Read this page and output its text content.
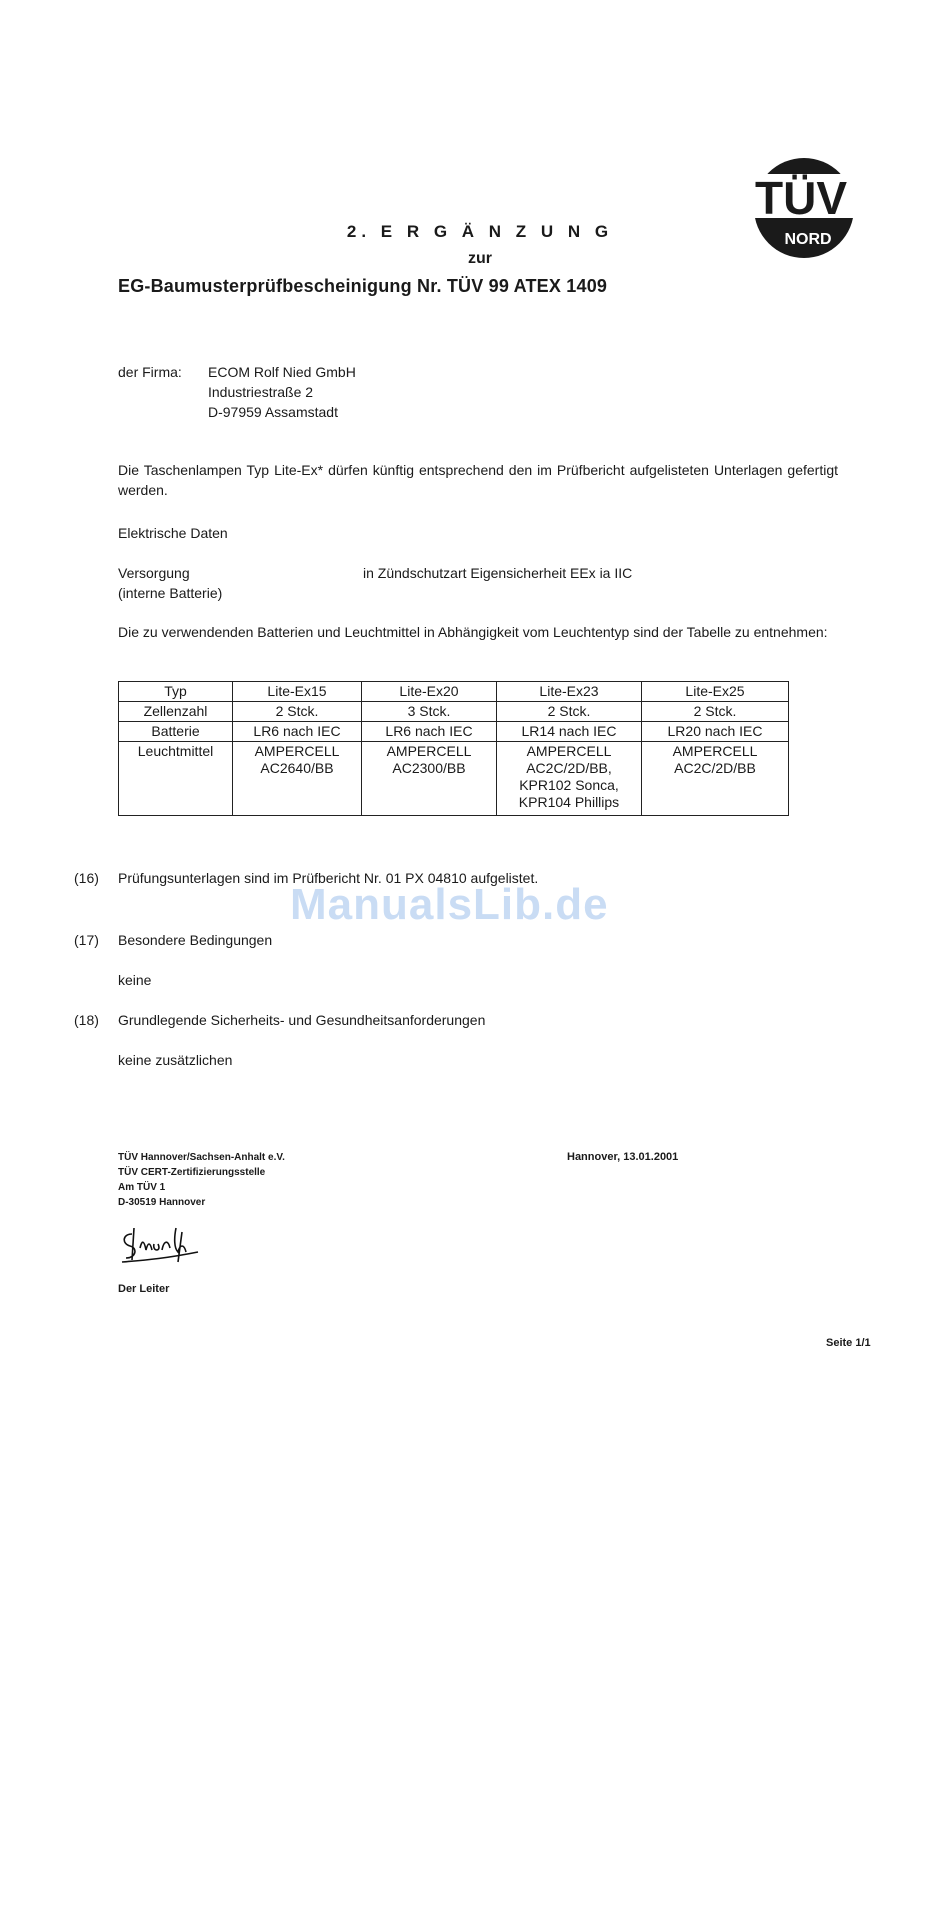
TÜV
NORD
2. E R G Ä N Z U N G
zur
EG-Baumusterprüfbescheinigung Nr. TÜV 99 ATEX 1409
der Firma: ECOM Rolf Nied GmbH
Industriestraße 2
D-97959 Assamstadt
Die Taschenlampen Typ Lite-Ex* dürfen künftig entsprechend den im Prüfbericht aufgelisteten Unterlagen gefertigt werden.
Elektrische Daten
Versorgung
(interne Batterie)
in Zündschutzart Eigensicherheit EEx ia IIC
Die zu verwendenden Batterien und Leuchtmittel in Abhängigkeit vom Leuchtentyp sind der Tabelle zu entnehmen:
Typ	Lite-Ex15	Lite-Ex20	Lite-Ex23	Lite-Ex25
Zellenzahl	2 Stck.	3 Stck.	2 Stck.	2 Stck.
Batterie	LR6 nach IEC	LR6 nach IEC	LR14 nach IEC	LR20 nach IEC
Leuchtmittel	AMPERCELL
AC2640/BB	AMPERCELL
AC2300/BB	AMPERCELL
AC2C/2D/BB,
KPR102 Sonca,
KPR104 Phillips	AMPERCELL
AC2C/2D/BB
(16) Prüfungsunterlagen sind im Prüfbericht Nr. 01 PX 04810 aufgelistet.
ManualsLib.de
(17) Besondere Bedingungen
keine
(18) Grundlegende Sicherheits- und Gesundheitsanforderungen
keine zusätzlichen
TÜV Hannover/Sachsen-Anhalt e.V.
TÜV CERT-Zertifizierungsstelle
Am TÜV 1
D-30519 Hannover
Hannover, 13.01.2001
Der Leiter
Seite 1/1
